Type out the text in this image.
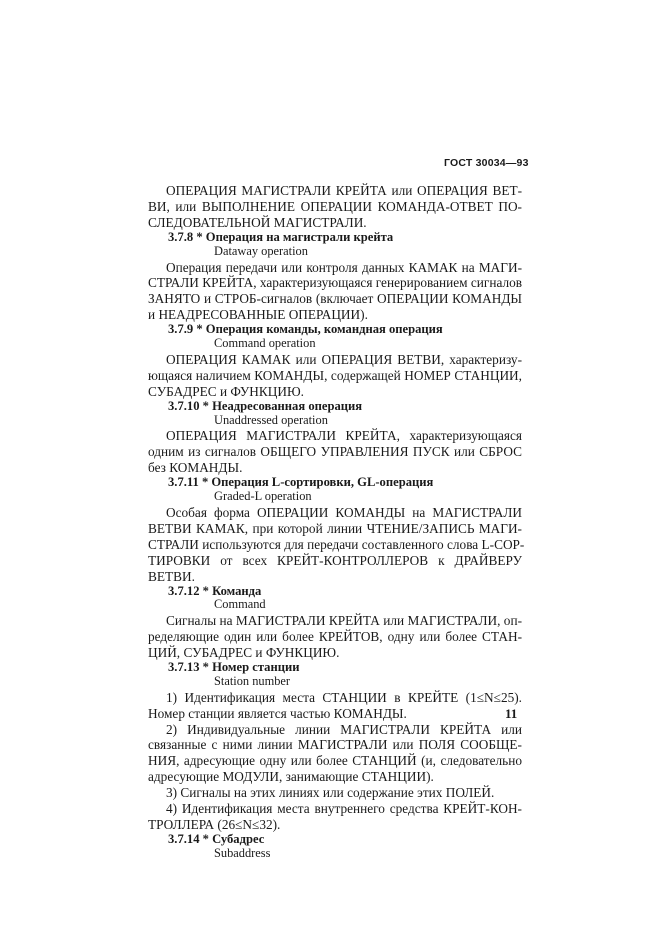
ГОСТ 30034—93
ОПЕРАЦИЯ МАГИСТРАЛИ КРЕЙТА или ОПЕРАЦИЯ ВЕТ-
ВИ, или ВЫПОЛНЕНИЕ ОПЕРАЦИИ КОМАНДА-ОТВЕТ ПО-
СЛЕДОВАТЕЛЬНОЙ МАГИСТРАЛИ.
3.7.8 * Операция на магистрали крейта
Dataway operation
Операция передачи или контроля данных КАМАК на МАГИ-
СТРАЛИ КРЕЙТА, характеризующаяся генерированием сигналов
ЗАНЯТО и СТРОБ-сигналов (включает ОПЕРАЦИИ КОМАНДЫ
и НЕАДРЕСОВАННЫЕ ОПЕРАЦИИ).
3.7.9 * Операция команды, командная операция
Command operation
ОПЕРАЦИЯ КАМАК или ОПЕРАЦИЯ ВЕТВИ, характеризу-
ющаяся наличием КОМАНДЫ, содержащей НОМЕР СТАНЦИИ,
СУБАДРЕС и ФУНКЦИЮ.
3.7.10 * Неадресованная операция
Unaddressed operation
ОПЕРАЦИЯ МАГИСТРАЛИ КРЕЙТА, характеризующаяся
одним из сигналов ОБЩЕГО УПРАВЛЕНИЯ ПУСК или СБРОС
без КОМАНДЫ.
3.7.11 * Операция L-сортировки, GL-операция
Graded-L operation
Особая форма ОПЕРАЦИИ КОМАНДЫ на МАГИСТРАЛИ
ВЕТВИ КАМАК, при которой линии ЧТЕНИЕ/ЗАПИСЬ МАГИ-
СТРАЛИ используются для передачи составленного слова L-СОР-
ТИРОВКИ от всех КРЕЙТ-КОНТРОЛЛЕРОВ к ДРАЙВЕРУ
ВЕТВИ.
3.7.12 * Команда
Command
Сигналы на МАГИСТРАЛИ КРЕЙТА или МАГИСТРАЛИ, оп-
ределяющие один или более КРЕЙТОВ, одну или более СТАН-
ЦИЙ, СУБАДРЕС и ФУНКЦИЮ.
3.7.13 * Номер станции
Station number
1) Идентификация места СТАНЦИИ в КРЕЙТЕ (1≤N≤25).
Номер станции является частью КОМАНДЫ.
2) Индивидуальные линии МАГИСТРАЛИ КРЕЙТА или
связанные с ними линии МАГИСТРАЛИ или ПОЛЯ СООБЩЕ-
НИЯ, адресующие одну или более СТАНЦИЙ (и, следовательно
адресующие МОДУЛИ, занимающие СТАНЦИИ).
3) Сигналы на этих линиях или содержание этих ПОЛЕЙ.
4) Идентификация места внутреннего средства КРЕЙТ-КОН-
ТРОЛЛЕРА (26≤N≤32).
3.7.14 * Субадрес
Subaddress
11
